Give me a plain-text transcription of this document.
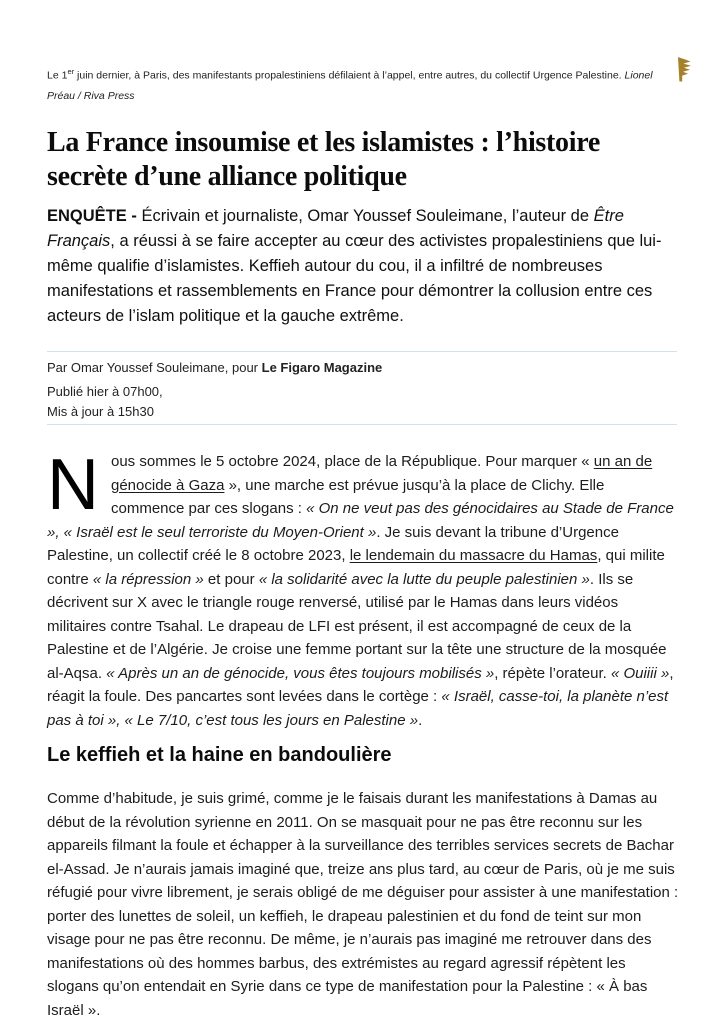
Le 1er juin dernier, à Paris, des manifestants propalestiniens défilaient à l’appel, entre autres, du collectif Urgence Palestine. Lionel Préau / Riva Press
La France insoumise et les islamistes : l’histoire secrète d’une alliance politique

ENQUÊTE - Écrivain et journaliste, Omar Youssef Souleimane, l’auteur de Être Français, a réussi à se faire accepter au cœur des activistes propalestiniens que lui-même qualifie d’islamistes. Keffieh autour du cou, il a infiltré de nombreuses manifestations et rassemblements en France pour démontrer la collusion entre ces acteurs de l’islam politique et la gauche extrême.

Par Omar Youssef Souleimane, pour Le Figaro Magazine
Publié hier à 07h00,
Mis à jour à 15h30

Nous sommes le 5 octobre 2024, place de la République. Pour marquer « un an de génocide à Gaza », une marche est prévue jusqu’à la place de Clichy. Elle commence par ces slogans : « On ne veut pas des génocidaires au Stade de France », « Israël est le seul terroriste du Moyen-Orient ». Je suis devant la tribune d’Urgence Palestine, un collectif créé le 8 octobre 2023, le lendemain du massacre du Hamas, qui milite contre « la répression » et pour « la solidarité avec la lutte du peuple palestinien ». Ils se décrivent sur X avec le triangle rouge renversé, utilisé par le Hamas dans leurs vidéos militaires contre Tsahal. Le drapeau de LFI est présent, il est accompagné de ceux de la Palestine et de l’Algérie. Je croise une femme portant sur la tête une structure de la mosquée al-Aqsa. « Après un an de génocide, vous êtes toujours mobilisés », répète l’orateur. « Ouiiii », réagit la foule. Des pancartes sont levées dans le cortège : « Israël, casse-toi, la planète n’est pas à toi », « Le 7/10, c’est tous les jours en Palestine ».

Le keffieh et la haine en bandoulière

Comme d’habitude, je suis grimé, comme je le faisais durant les manifestations à Damas au début de la révolution syrienne en 2011. On se masquait pour ne pas être reconnu sur les appareils filmant la foule et échapper à la surveillance des terribles services secrets de Bachar el-Assad. Je n’aurais jamais imaginé que, treize ans plus tard, au cœur de Paris, où je me suis réfugié pour vivre librement, je serais obligé de me déguiser pour assister à une manifestation : porter des lunettes de soleil, un keffieh, le drapeau palestinien et du fond de teint sur mon visage pour ne pas être reconnu. De même, je n’aurais pas imaginé me retrouver dans des manifestations où des hommes barbus, des extrémistes au regard agressif répètent les slogans qu’on entendait en Syrie dans ce type de manifestation pour la Palestine : « À bas Israël ».
